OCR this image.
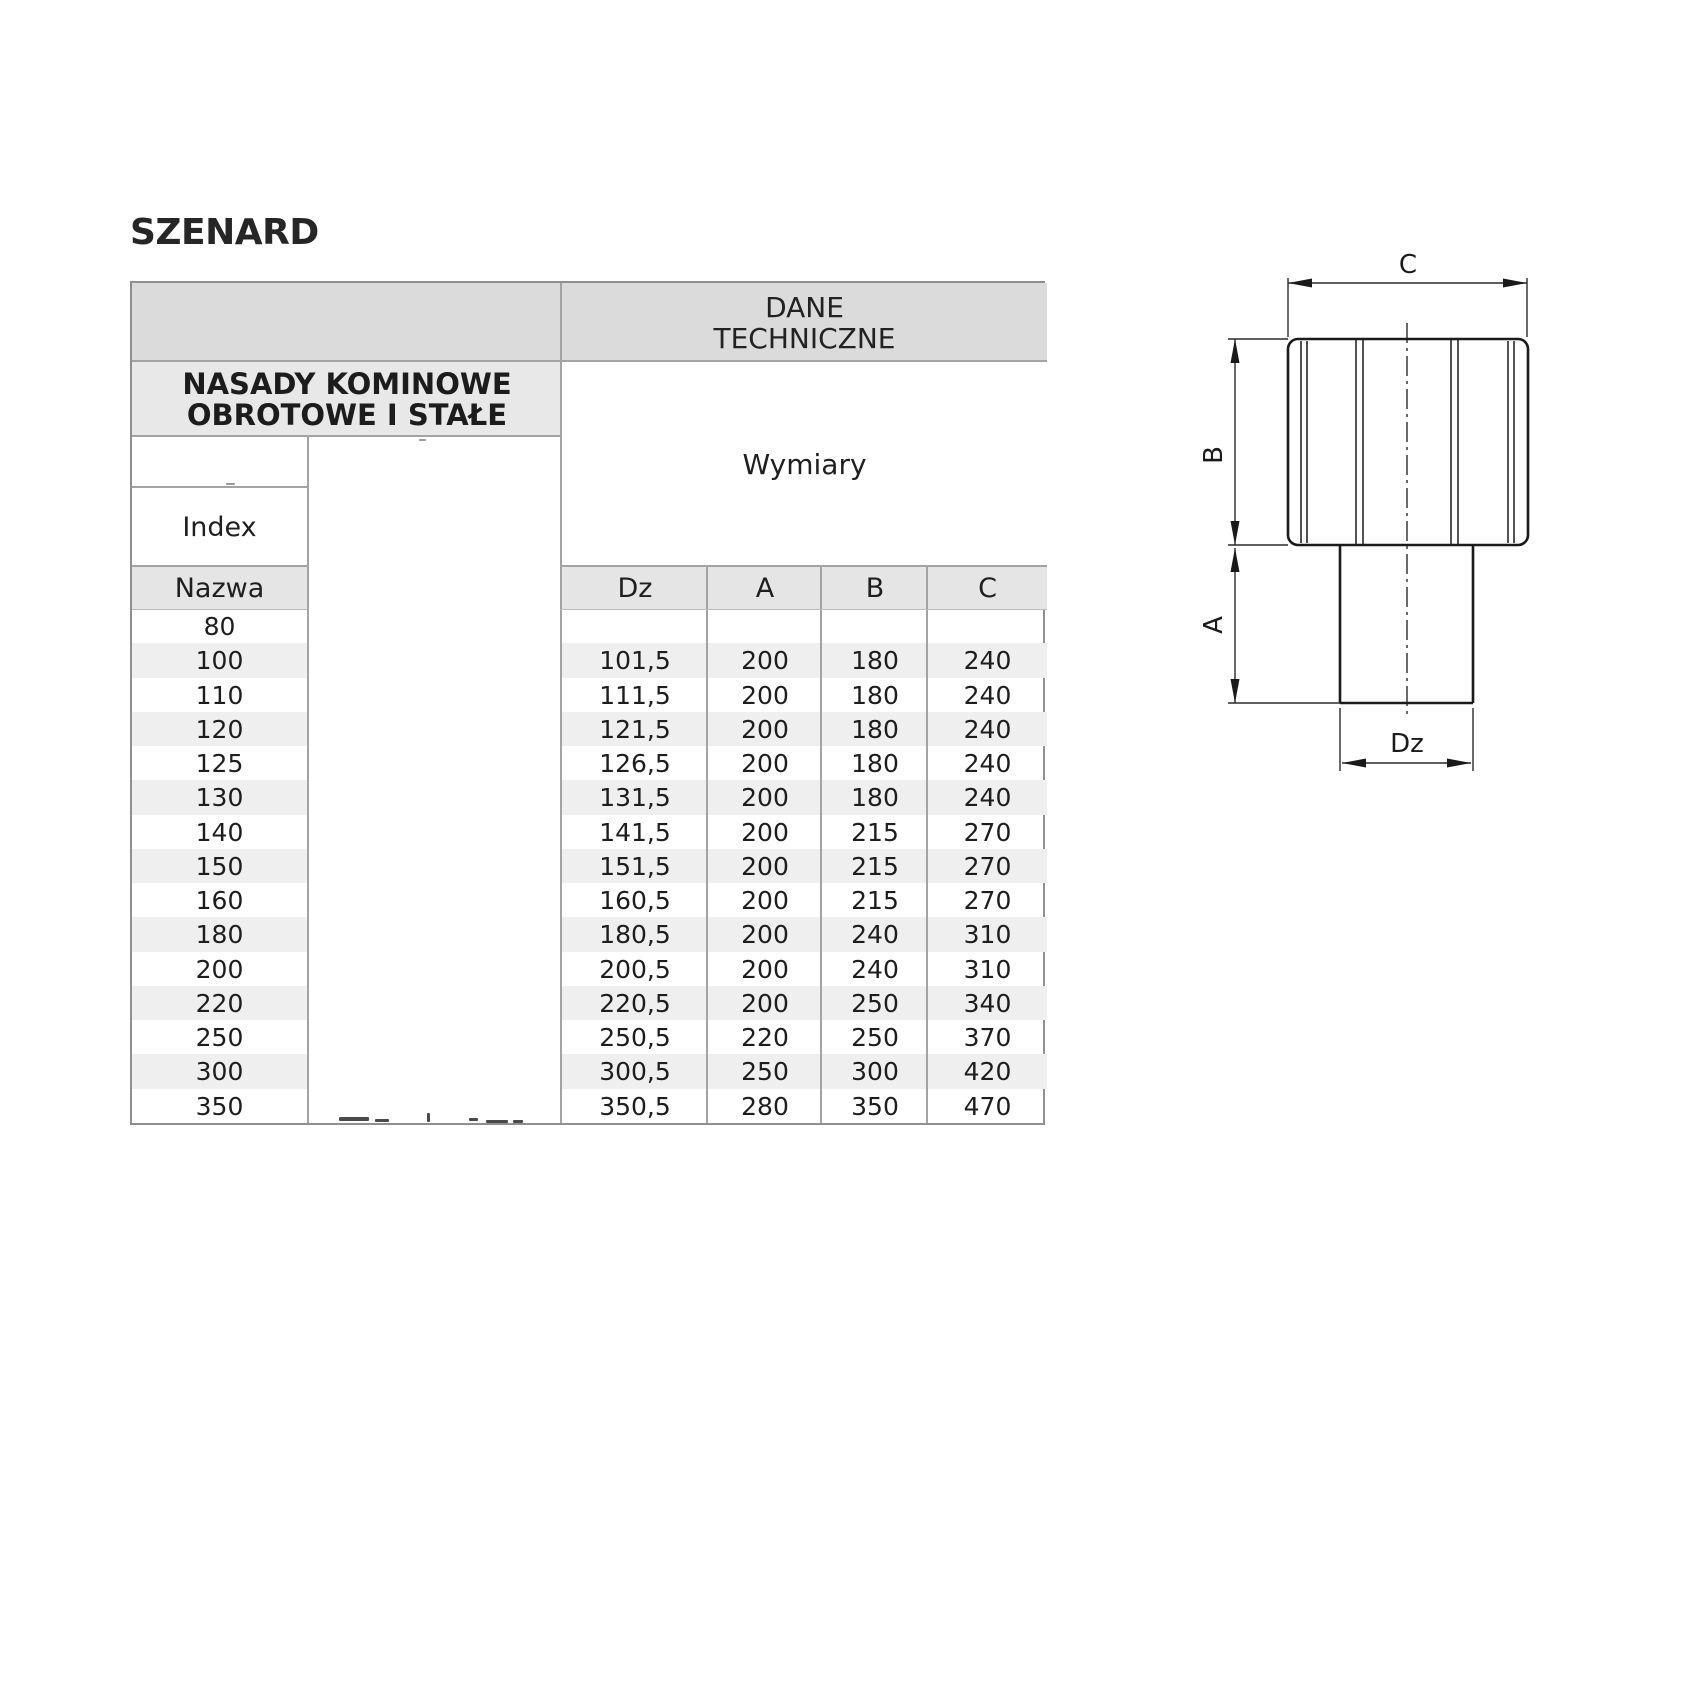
SZENARD
DANE
TECHNICZNE
NASADY KOMINOWE
OBROTOWE I STAŁE
Wymiary
Index
Nazwa	Dz	A	B	C
80
100	101,5	200	180	240
110	111,5	200	180	240
120	121,5	200	180	240
125	126,5	200	180	240
130	131,5	200	180	240
140	141,5	200	215	270
150	151,5	200	215	270
160	160,5	200	215	270
180	180,5	200	240	310
200	200,5	200	240	310
220	220,5	200	250	340
250	250,5	220	250	370
300	300,5	250	300	420
350	350,5	280	350	470
C
B
A
Dz
